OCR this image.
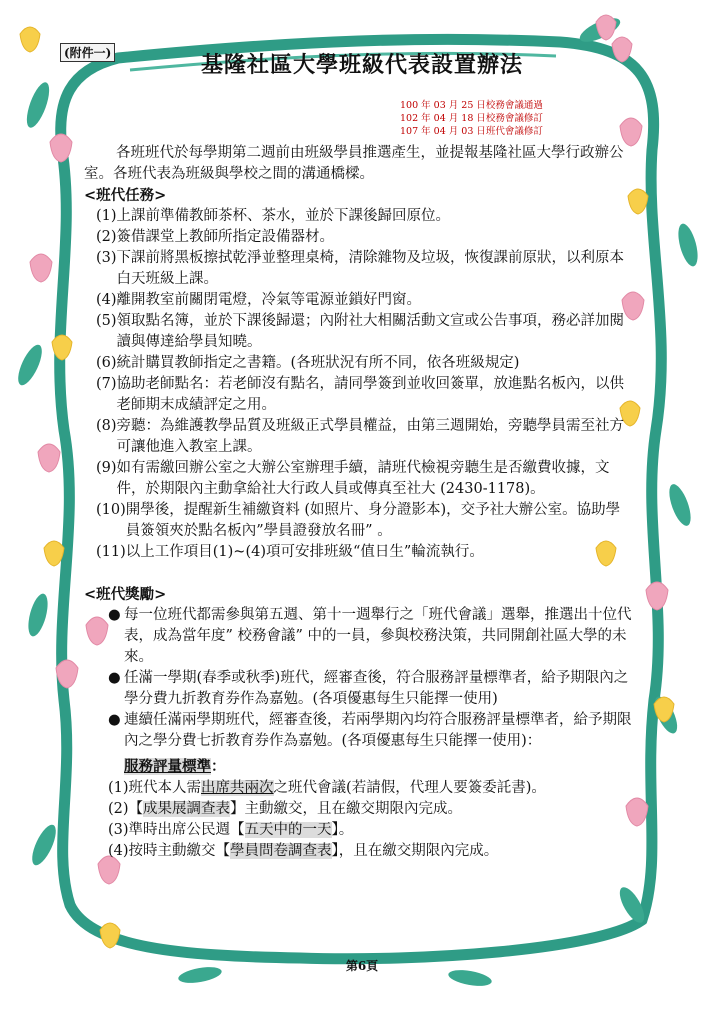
(附件一)	基隆社區大學班級代表設置辦法
100 年 03 月 25 日校務會議通過
102 年 04 月 18 日校務會議修訂
107 年 04 月 03 日班代會議修訂

各班班代於每學期第二週前由班級學員推選產生，並提報基隆社區大學行政辦公室。各班代表為班級與學校之間的溝通橋樑。

<班代任務>

(1) 上課前準備教師茶杯、茶水，並於下課後歸回原位。
(2) 簽借課堂上教師所指定設備器材。
(3) 下課前將黑板擦拭乾淨並整理桌椅，清除雜物及垃圾，恢復課前原狀，以利原本白天班級上課。
(4) 離開教室前關閉電燈，冷氣等電源並鎖好門窗。
(5) 領取點名簿，並於下課後歸還；內附社大相關活動文宣或公告事項，務必詳加閱讀與傳達給學員知曉。
(6) 統計購買教師指定之書籍。(各班狀況有所不同，依各班級規定)
(7) 協助老師點名：若老師沒有點名，請同學簽到並收回簽單，放進點名板內，以供老師期末成績評定之用。
(8) 旁聽：為維護教學品質及班級正式學員權益，由第三週開始，旁聽學員需至社方可讓他進入教室上課。
(9) 如有需繳回辦公室之大辦公室辦理手續，請班代檢視旁聽生是否繳費收據，文件，於期限內主動拿給社大行政人員或傳真至社大 (2430-1178)。
(10) 開學後，提醒新生補繳資料 (如照片、身分證影本)，交予社大辦公室。協助學員簽領夾於點名板內”學員證發放名冊” 。
(11) 以上工作項目(1)~(4)項可安排班級“值日生”輪流執行。

<班代獎勵>

● 每一位班代都需參與第五週、第十一週舉行之「班代會議」選舉，推選出十位代表，成為當年度” 校務會議” 中的一員，參與校務決策，共同開創社區大學的未來。
● 任滿一學期(春季或秋季)班代，經審查後，符合服務評量標準者，給予期限內之學分費九折教育券作為嘉勉。(各項優惠每生只能擇一使用)
● 連續任滿兩學期班代，經審查後，若兩學期內均符合服務評量標準者，給予期限內之學分費七折教育券作為嘉勉。(各項優惠每生只能擇一使用)：

服務評量標準：

(1)班代本人需出席共兩次之班代會議(若請假，代理人要簽委託書)。

(2)【成果展調查表】主動繳交，且在繳交期限內完成。

(3)準時出席公民週【五天中的一天】。

(4)按時主動繳交【學員問卷調查表】，且在繳交期限內完成。

第6頁
